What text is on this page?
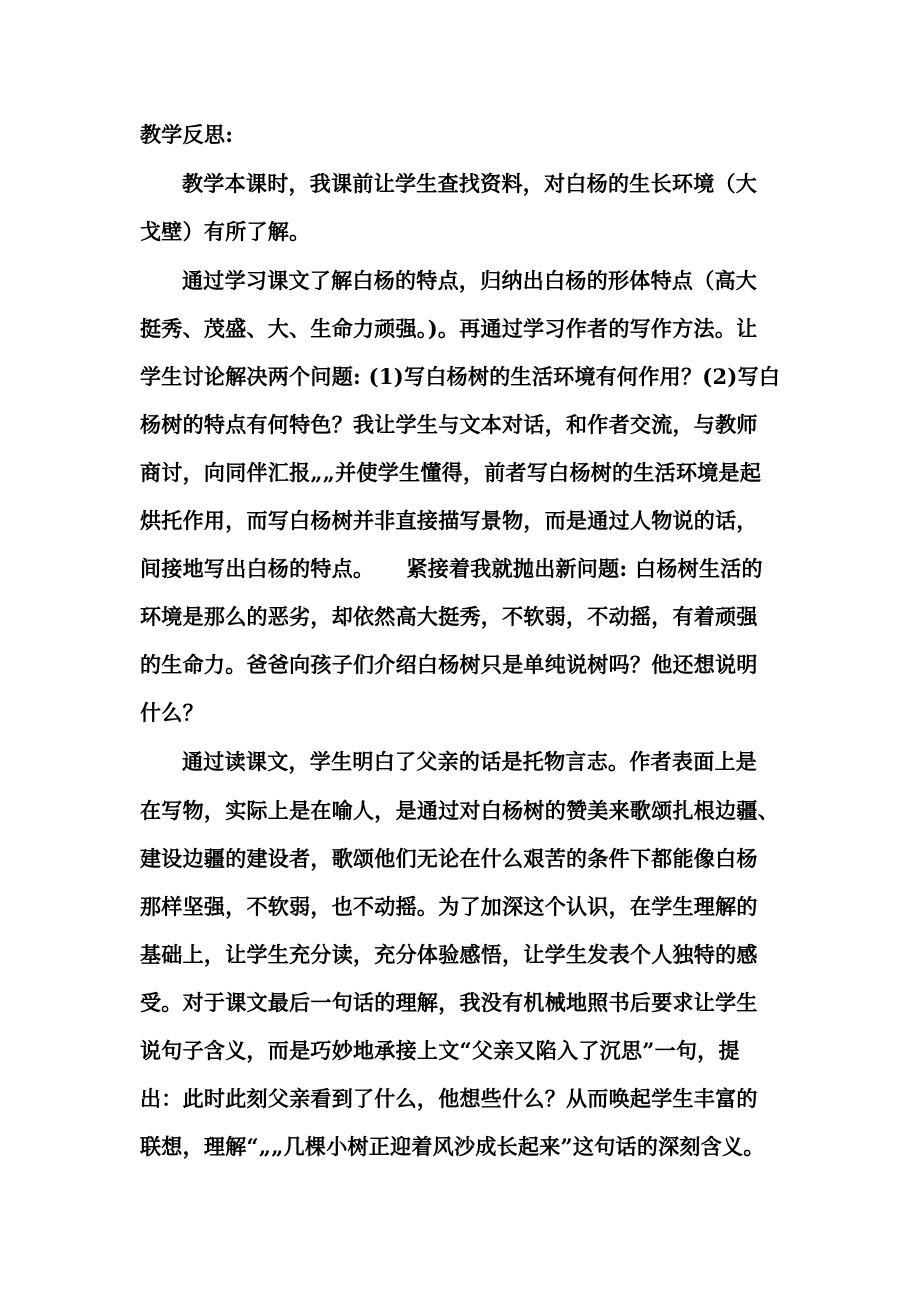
教学反思:
教学本课时，我课前让学生查找资料，对白杨的生长环境（大
戈壁）有所了解。
通过学习课文了解白杨的特点，归纳出白杨的形体特点（高大
挺秀、茂盛、大、生命力顽强。)。再通过学习作者的写作方法。让
学生讨论解决两个问题: (1)写白杨树的生活环境有何作用？(2)写白
杨树的特点有何特色？我让学生与文本对话，和作者交流，与教师
商讨，向同伴汇报„„并使学生懂得，前者写白杨树的生活环境是起
烘托作用，而写白杨树并非直接描写景物，而是通过人物说的话，
间接地写出白杨的特点。　　紧接着我就抛出新问题: 白杨树生活的
环境是那么的恶劣，却依然高大挺秀，不软弱，不动摇，有着顽强
的生命力。爸爸向孩子们介绍白杨树只是单纯说树吗？他还想说明
什么？
通过读课文，学生明白了父亲的话是托物言志。作者表面上是
在写物，实际上是在喻人，是通过对白杨树的赞美来歌颂扎根边疆、
建设边疆的建设者，歌颂他们无论在什么艰苦的条件下都能像白杨
那样坚强，不软弱，也不动摇。为了加深这个认识，在学生理解的
基础上，让学生充分读，充分体验感悟，让学生发表个人独特的感
受。对于课文最后一句话的理解，我没有机械地照书后要求让学生
说句子含义，而是巧妙地承接上文“父亲又陷入了沉思”一句，提
出：此时此刻父亲看到了什么，他想些什么？从而唤起学生丰富的
联想，理解“„„几棵小树正迎着风沙成长起来”这句话的深刻含义。
